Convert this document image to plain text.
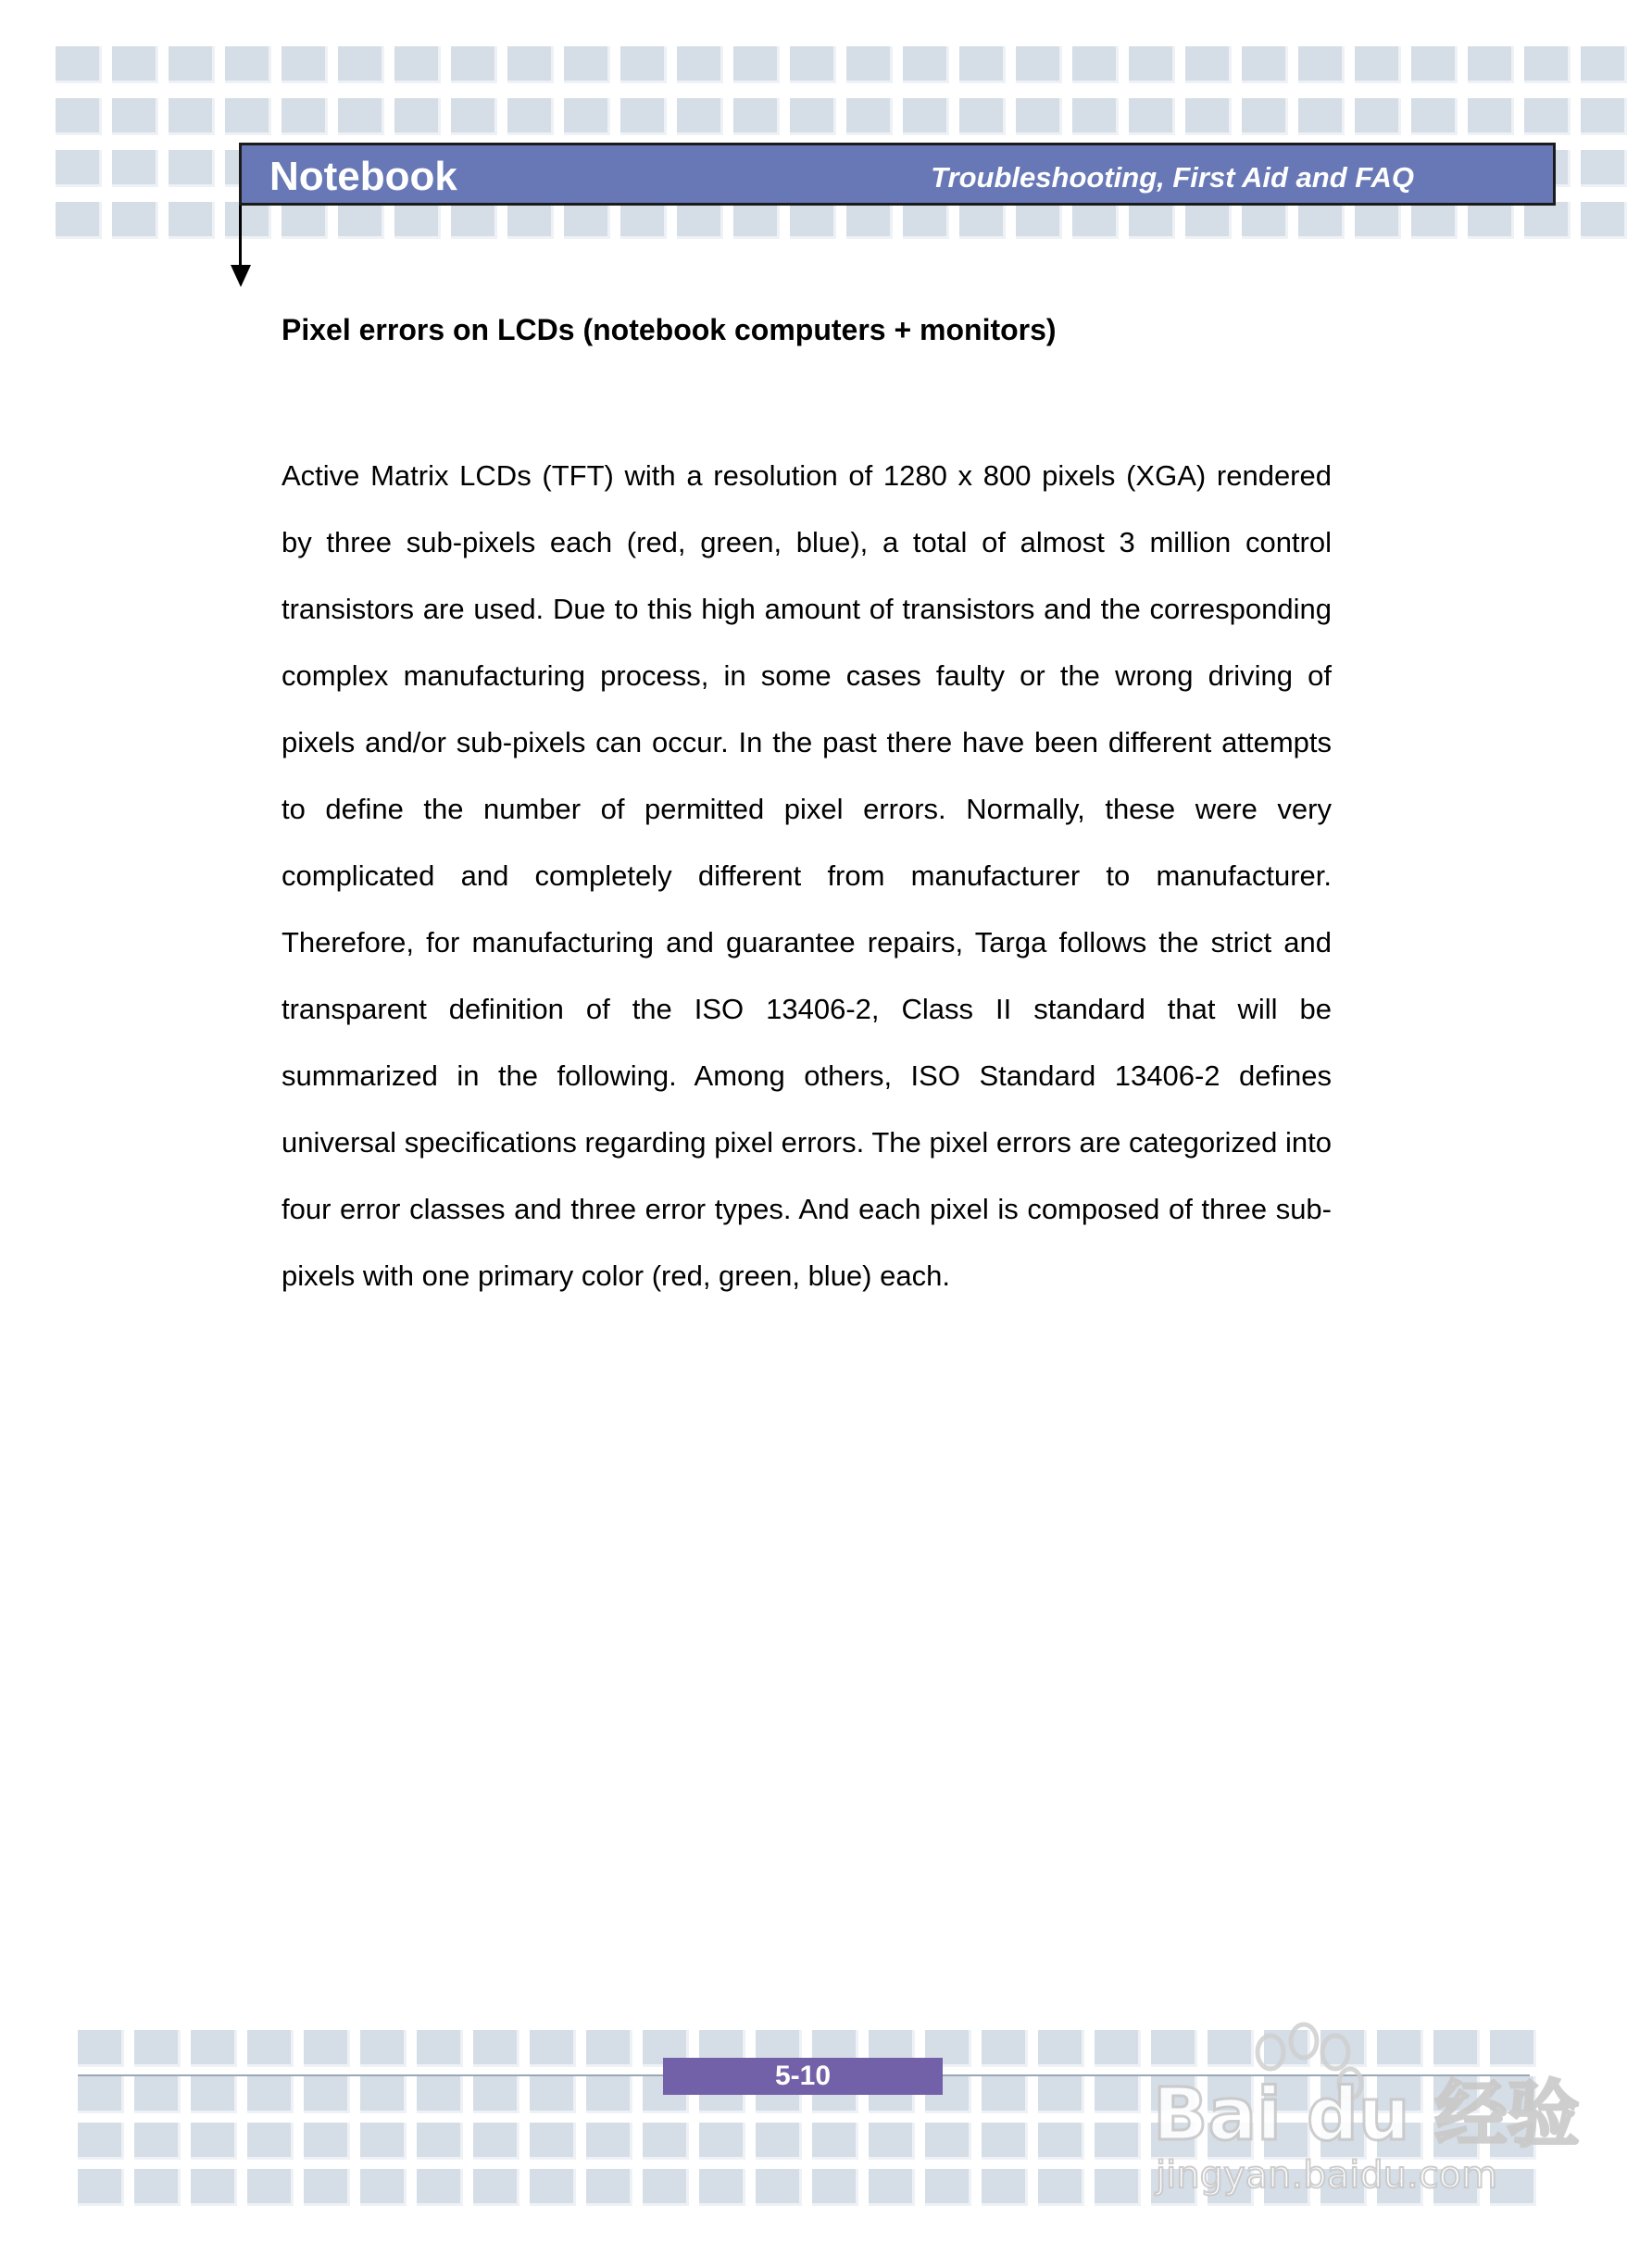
Notebook	Troubleshooting, First Aid and FAQ
Pixel errors on LCDs (notebook computers + monitors)

Active Matrix LCDs (TFT) with a resolution of 1280 x 800 pixels (XGA) rendered by three sub-pixels each (red, green, blue), a total of almost 3 million control transistors are used. Due to this high amount of transistors and the corresponding complex manufacturing process, in some cases faulty or the wrong driving of pixels and/or sub-pixels can occur. In the past there have been different attempts to define the number of permitted pixel errors. Normally, these were very complicated and completely different from manufacturer to manufacturer. Therefore, for manufacturing and guarantee repairs, Targa follows the strict and transparent definition of the ISO 13406-2, Class II standard that will be summarized in the following. Among others, ISO Standard 13406-2 defines universal specifications regarding pixel errors. The pixel errors are categorized into four error classes and three error types. And each pixel is composed of three sub-pixels with one primary color (red, green, blue) each.

5-10	Bai du 经验
jingyan.baidu.com
